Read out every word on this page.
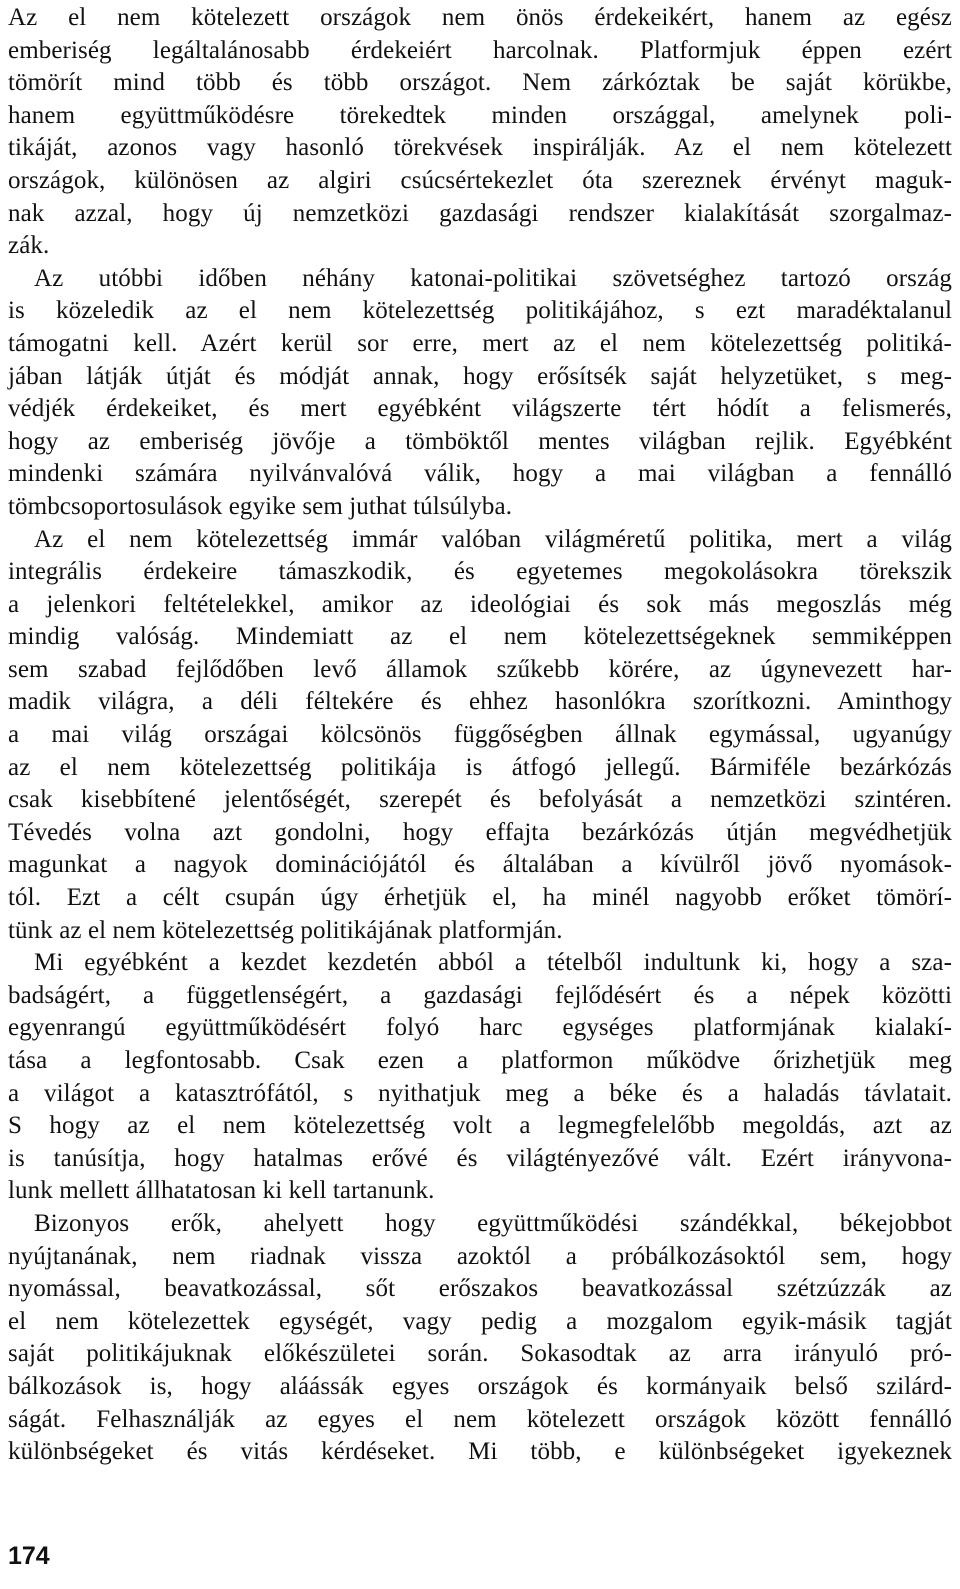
Az el nem kötelezett országok nem önös érdekeikért, hanem az egész
emberiség legáltalánosabb érdekeiért harcolnak. Platformjuk éppen ezért
tömörít mind több és több országot. Nem zárkóztak be saját körükbe,
hanem együttműködésre törekedtek minden országgal, amelynek poli-
tikáját, azonos vagy hasonló törekvések inspirálják. Az el nem kötelezett
országok, különösen az algiri csúcsértekezlet óta szereznek érvényt maguk-
nak azzal, hogy új nemzetközi gazdasági rendszer kialakítását szorgalmaz-
zák.
Az utóbbi időben néhány katonai-politikai szövetséghez tartozó ország
is közeledik az el nem kötelezettség politikájához, s ezt maradéktalanul
támogatni kell. Azért kerül sor erre, mert az el nem kötelezettség politiká-
jában látják útját és módját annak, hogy erősítsék saját helyzetüket, s meg-
védjék érdekeiket, és mert egyébként világszerte tért hódít a felismerés,
hogy az emberiség jövője a tömböktől mentes világban rejlik. Egyébként
mindenki számára nyilvánvalóvá válik, hogy a mai világban a fennálló
tömbcsoportosulások egyike sem juthat túlsúlyba.
Az el nem kötelezettség immár valóban világméretű politika, mert a világ
integrális érdekeire támaszkodik, és egyetemes megokolásokra törekszik
a jelenkori feltételekkel, amikor az ideológiai és sok más megoszlás még
mindig valóság. Mindemiatt az el nem kötelezettségeknek semmiképpen
sem szabad fejlődőben levő államok szűkebb körére, az úgynevezett har-
madik világra, a déli féltekére és ehhez hasonlókra szorítkozni. Aminthogy
a mai világ országai kölcsönös függőségben állnak egymással, ugyanúgy
az el nem kötelezettség politikája is átfogó jellegű. Bármiféle bezárkózás
csak kisebbítené jelentőségét, szerepét és befolyását a nemzetközi szintéren.
Tévedés volna azt gondolni, hogy effajta bezárkózás útján megvédhetjük
magunkat a nagyok dominációjától és általában a kívülről jövő nyomások-
tól. Ezt a célt csupán úgy érhetjük el, ha minél nagyobb erőket tömörí-
tünk az el nem kötelezettség politikájának platformján.
Mi egyébként a kezdet kezdetén abból a tételből indultunk ki, hogy a sza-
badságért, a függetlenségért, a gazdasági fejlődésért és a népek közötti
egyenrangú együttműködésért folyó harc egységes platformjának kialakí-
tása a legfontosabb. Csak ezen a platformon működve őrizhetjük meg
a világot a katasztrófától, s nyithatjuk meg a béke és a haladás távlatait.
S hogy az el nem kötelezettség volt a legmegfelelőbb megoldás, azt az
is tanúsítja, hogy hatalmas erővé és világtényezővé vált. Ezért irányvona-
lunk mellett állhatatosan ki kell tartanunk.
Bizonyos erők, ahelyett hogy együttműködési szándékkal, békejobbot
nyújtanának, nem riadnak vissza azoktól a próbálkozásoktól sem, hogy
nyomással, beavatkozással, sőt erőszakos beavatkozással szétzúzzák az
el nem kötelezettek egységét, vagy pedig a mozgalom egyik-másik tagját
saját politikájuknak előkészületei során. Sokasodtak az arra irányuló pró-
bálkozások is, hogy aláássák egyes országok és kormányaik belső szilárd-
ságát. Felhasználják az egyes el nem kötelezett országok között fennálló
különbségeket és vitás kérdéseket. Mi több, e különbségeket igyekeznek
174
